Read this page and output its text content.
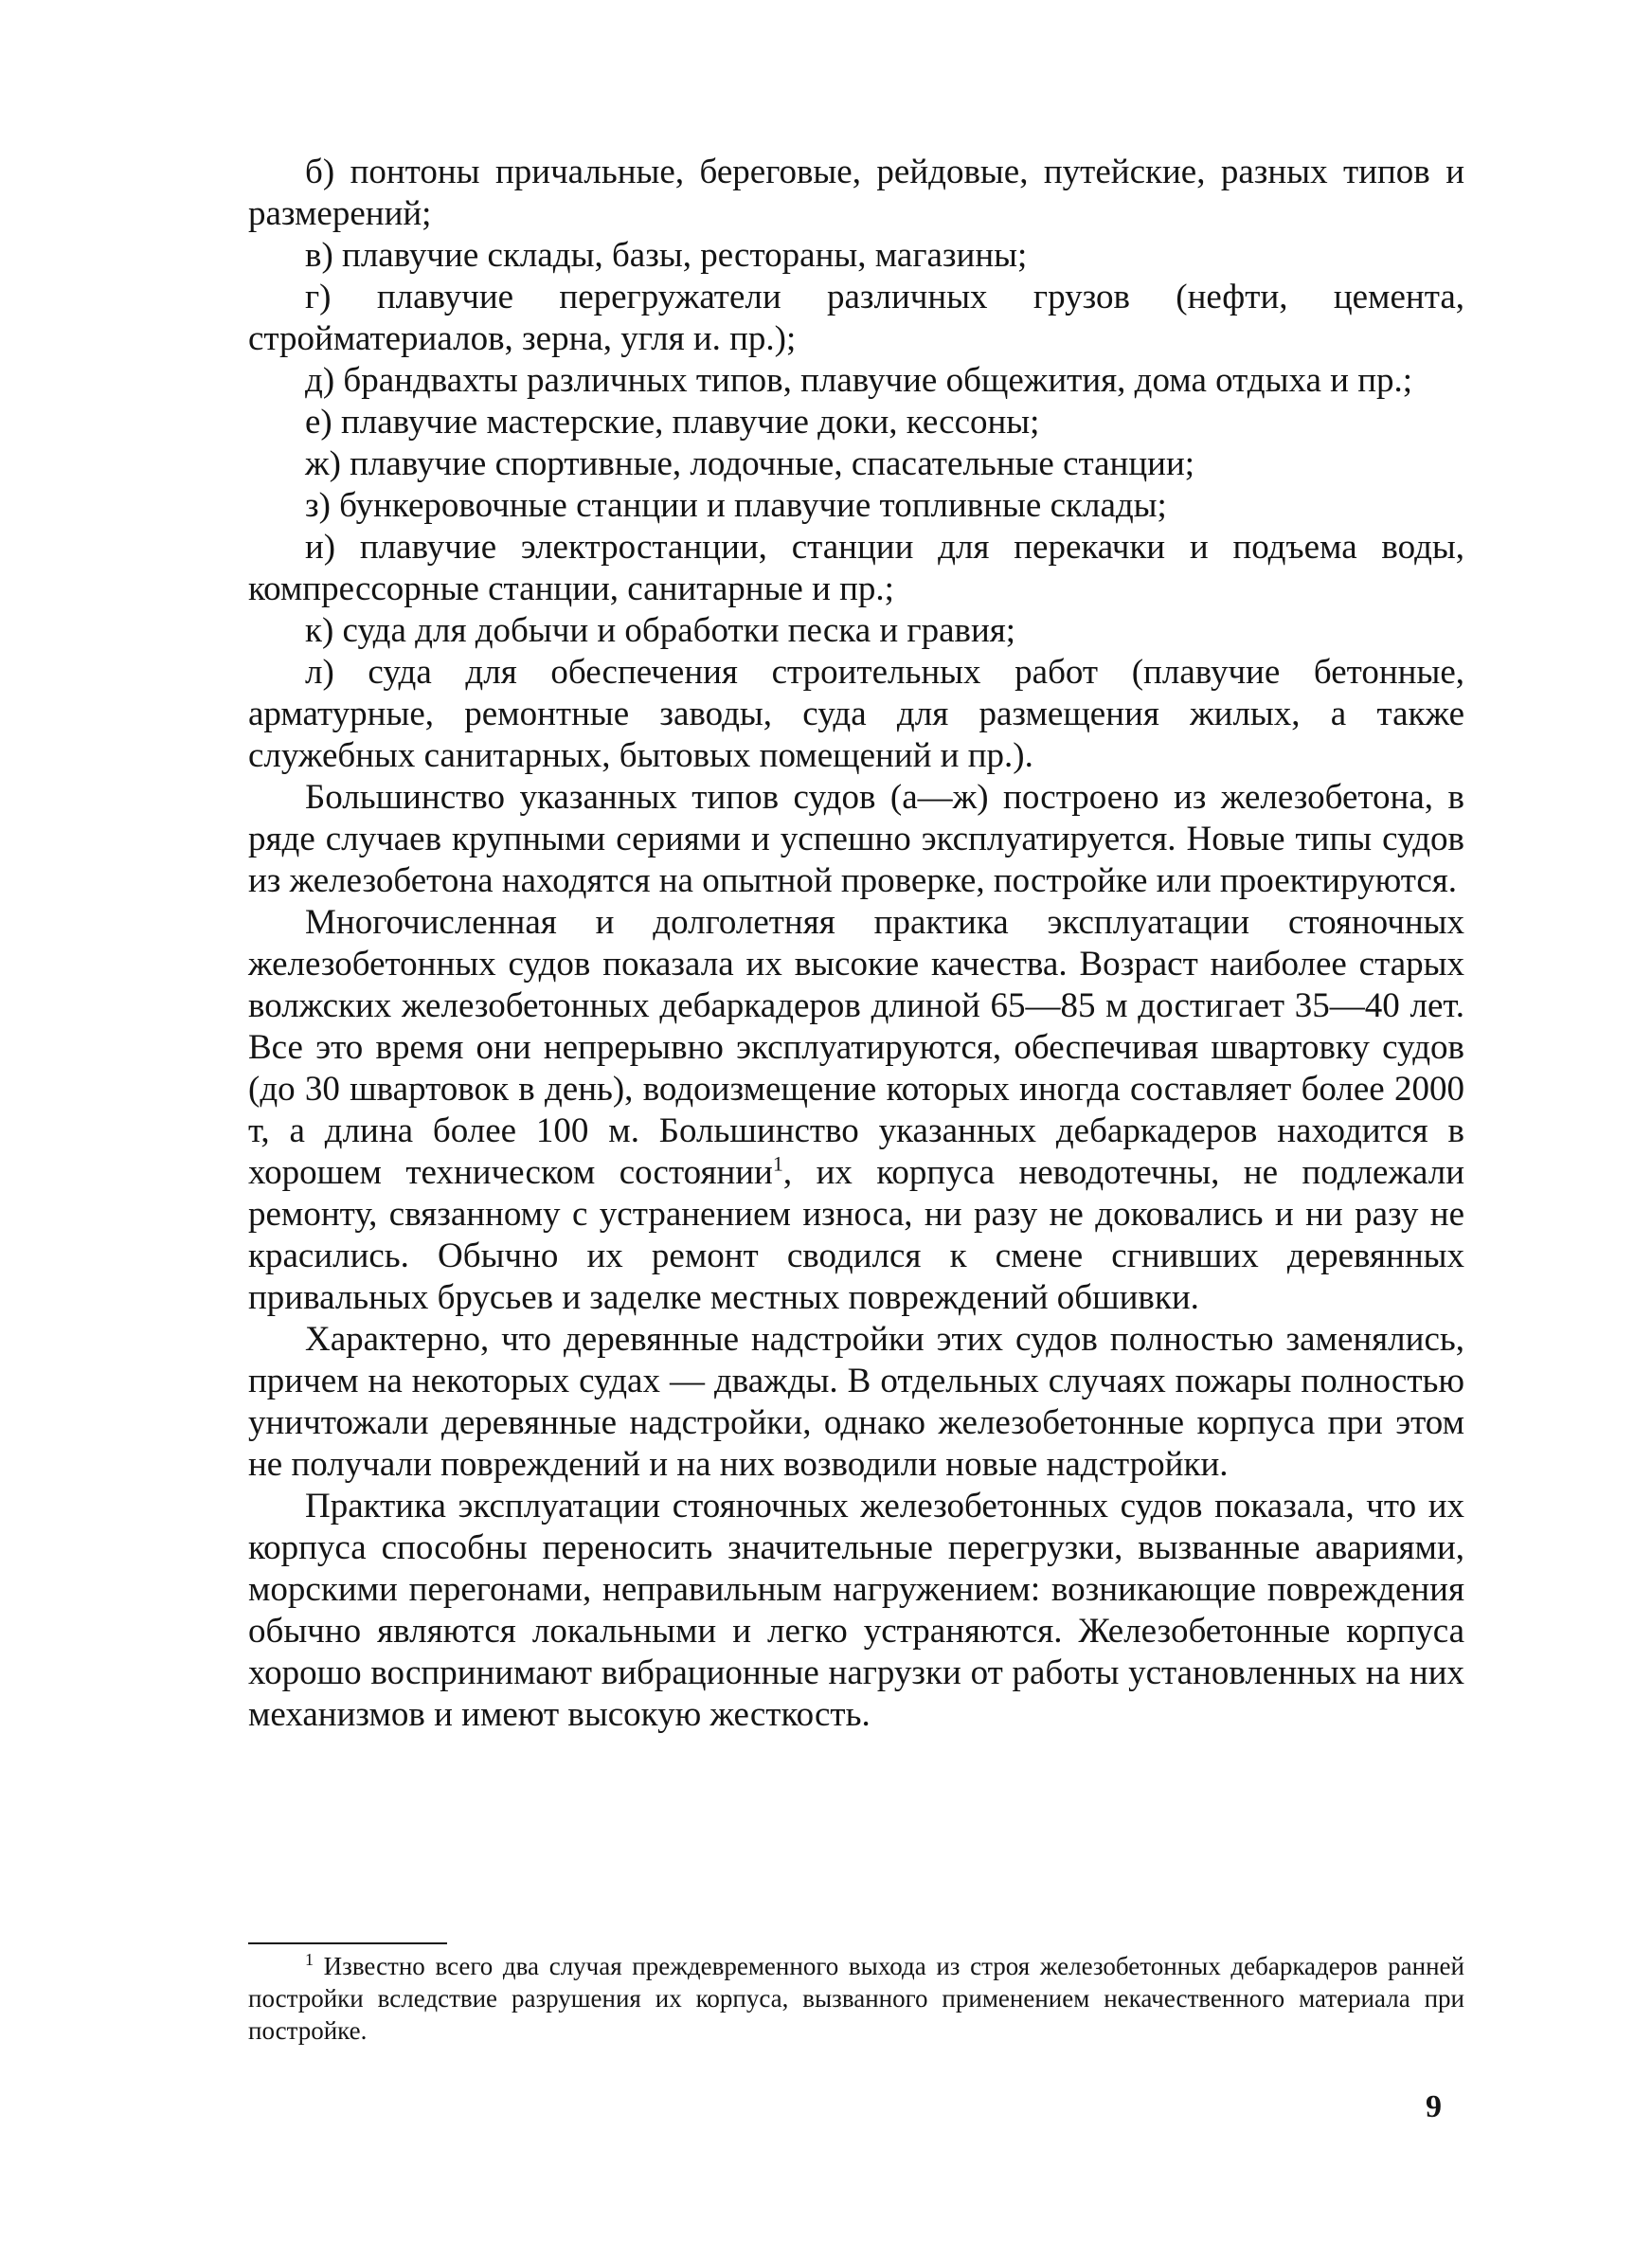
б) понтоны причальные, береговые, рейдовые, путейские, разных типов и размерений;

в) плавучие склады, базы, рестораны, магазины;

г) плавучие перегружатели различных грузов (нефти, цемента, стройматериалов, зерна, угля и. пр.);

д) брандвахты различных типов, плавучие общежития, дома отдыха и пр.;

е) плавучие мастерские, плавучие доки, кессоны;

ж) плавучие спортивные, лодочные, спасательные станции;

з) бункеровочные станции и плавучие топливные склады;

и) плавучие электростанции, станции для перекачки и подъема воды, компрессорные станции, санитарные и пр.;

к) суда для добычи и обработки песка и гравия;

л) суда для обеспечения строительных работ (плавучие бетонные, арматурные, ремонтные заводы, суда для размещения жилых, а также служебных санитарных, бытовых помещений и пр.).

Большинство указанных типов судов (а—ж) построено из железобетона, в ряде случаев крупными сериями и успешно эксплуатируется. Новые типы судов из железобетона находятся на опытной проверке, постройке или проектируются.

Многочисленная и долголетняя практика эксплуатации стояночных железобетонных судов показала их высокие качества. Возраст наиболее старых волжских железобетонных дебаркадеров длиной 65—85 м достигает 35—40 лет. Все это время они непрерывно эксплуатируются, обеспечивая швартовку судов (до 30 швартовок в день), водоизмещение которых иногда составляет более 2000 т, а длина более 100 м. Большинство указанных дебаркадеров находится в хорошем техническом состоянии$^1$, их корпуса неводотечны, не подлежали ремонту, связанному с устранением износа, ни разу не доковались и ни разу не красились. Обычно их ремонт сводился к смене сгнивших деревянных привальных брусьев и заделке местных повреждений обшивки.

Характерно, что деревянные надстройки этих судов полностью заменялись, причем на некоторых судах — дважды. В отдельных случаях пожары полностью уничтожали деревянные надстройки, однако железобетонные корпуса при этом не получали повреждений и на них возводили новые надстройки.

Практика эксплуатации стояночных железобетонных судов показала, что их корпуса способны переносить значительные перегрузки, вызванные авариями, морскими перегонами, неправильным нагружением: возникающие повреждения обычно являются локальными и легко устраняются. Железобетонные корпуса хорошо воспринимают вибрационные нагрузки от работы установленных на них механизмов и имеют высокую жесткость.

$^1$ Известно всего два случая преждевременного выхода из строя железобетонных дебаркадеров ранней постройки вследствие разрушения их корпуса, вызванного применением некачественного материала при постройке.

9
